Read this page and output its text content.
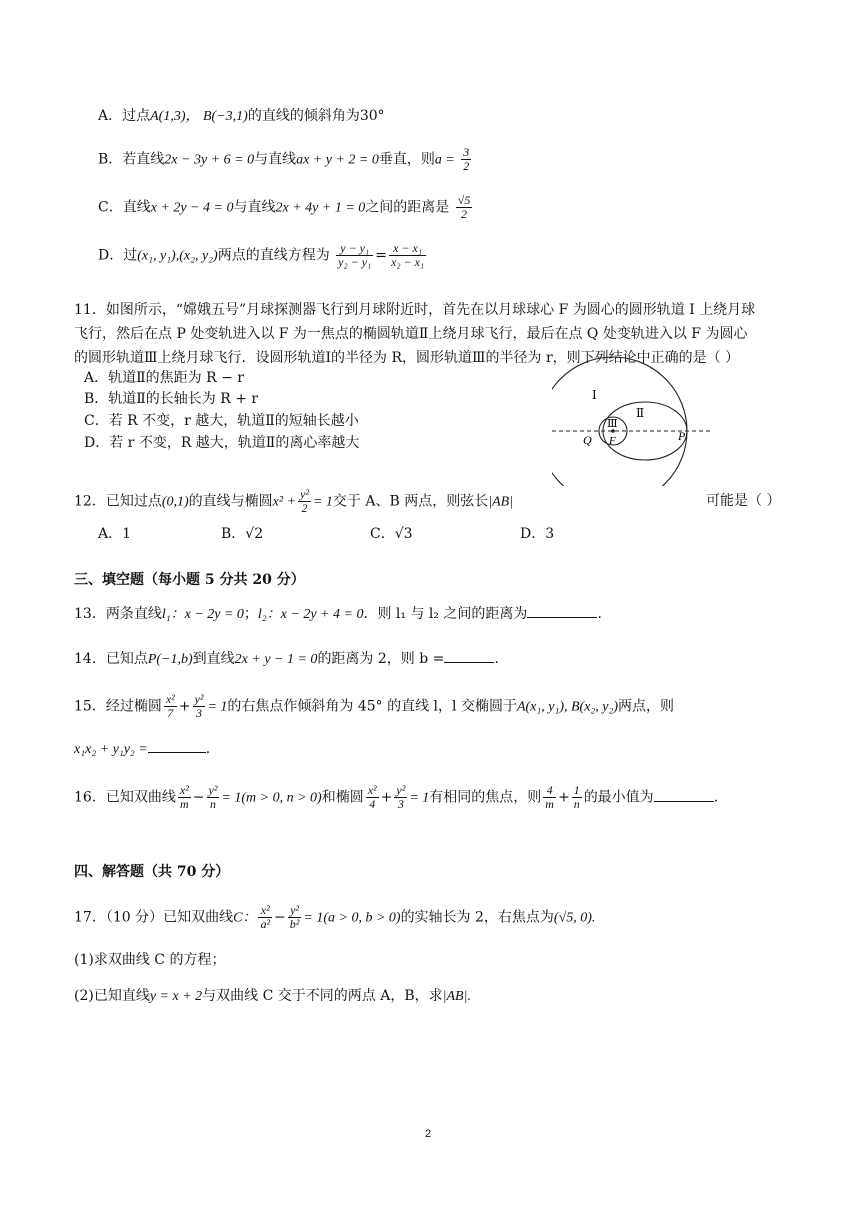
A．过点A(1,3)， B(−3,1)的直线的倾斜角为30°
B．若直线2x − 3y + 6 = 0与直线ax + y + 2 = 0垂直，则$a = \frac{3}{2}$
C．直线x + 2y − 4 = 0与直线2x + 4y + 1 = 0之间的距离是 $\frac{√5}{2}$
D．过(x₁, y₁),(x₂, y₂)两点的直线方程为 $\frac{\text{y − y₁}}{\text{y₂ − y₁}} = \frac{\text{x − x₁}}{\text{x₂ − x₁}}$
11．如图所示，“嫦娥五号”月球探测器飞行到月球附近时，首先在以月球球心 F 为圆心的圆形轨道 Ⅰ 上绕月球
飞行，然后在点 P 处变轨进入以 F 为一焦点的椭圆轨道Ⅱ上绕月球飞行，最后在点 Q 处变轨进入以 F 为圆心
的圆形轨道Ⅲ上绕月球飞行．设圆形轨道Ⅰ的半径为 R，圆形轨道Ⅲ的半径为 r，则下列结论中正确的是（ ）
A．轨道Ⅱ的焦距为 R − r
B．轨道Ⅱ的长轴长为 R + r
C．若 R 不变，r 越大，轨道Ⅱ的短轴长越小
D．若 r 不变，R 越大，轨道Ⅱ的离心率越大
Ⅰ
Ⅱ
Ⅲ
Q F	P
12．已知过点(0,1)的直线与椭圆$x^2 + \frac{\text{y²}}{2} = 1$交于 A、B 两点，则弦长|AB|	可能是（ ）
A．1	B．√2	C．√3	D．3
三、填空题（每小题 5 分共 20 分）
13．两条直线l₁：x − 2y = 0；l₂：x − 2y + 4 = 0．则 l₁ 与 l₂ 之间的距离为	.
14．已知点P(−1,b)到直线2x + y − 1 = 0的距离为 2，则 b =	.
15．经过椭圆 $\frac{\text{x²}}{7} + \frac{\text{y²}}{3} = 1$的右焦点作倾斜角为 45° 的直线 l，l 交椭圆于A(x₁, y₁), B(x₂, y₂)两点，则
x₁x₂ + y₁y₂ =	.
16．已知双曲线 $\frac{\text{x²}}{m} - \frac{\text{y²}}{n} = 1(m > 0$, n > 0)和椭圆 $\frac{\text{x²}}{4} + \frac{\text{y²}}{3} = 1$有相同的焦点，则 $\frac{4}{m} + \frac{1}{n}$ 的最小值为	.
四、解答题（共 70 分）
17．（10 分）已知双曲线C： $\frac{\text{x²}}{\text{a²}} - \frac{\text{y²}}{\text{b²}} = 1(a > 0$, b > 0)的实轴长为 2，右焦点为(√5, 0).
(1)求双曲线 C 的方程；
(2)已知直线y = x + 2与双曲线 C 交于不同的两点 A，B，求|AB|.
2
